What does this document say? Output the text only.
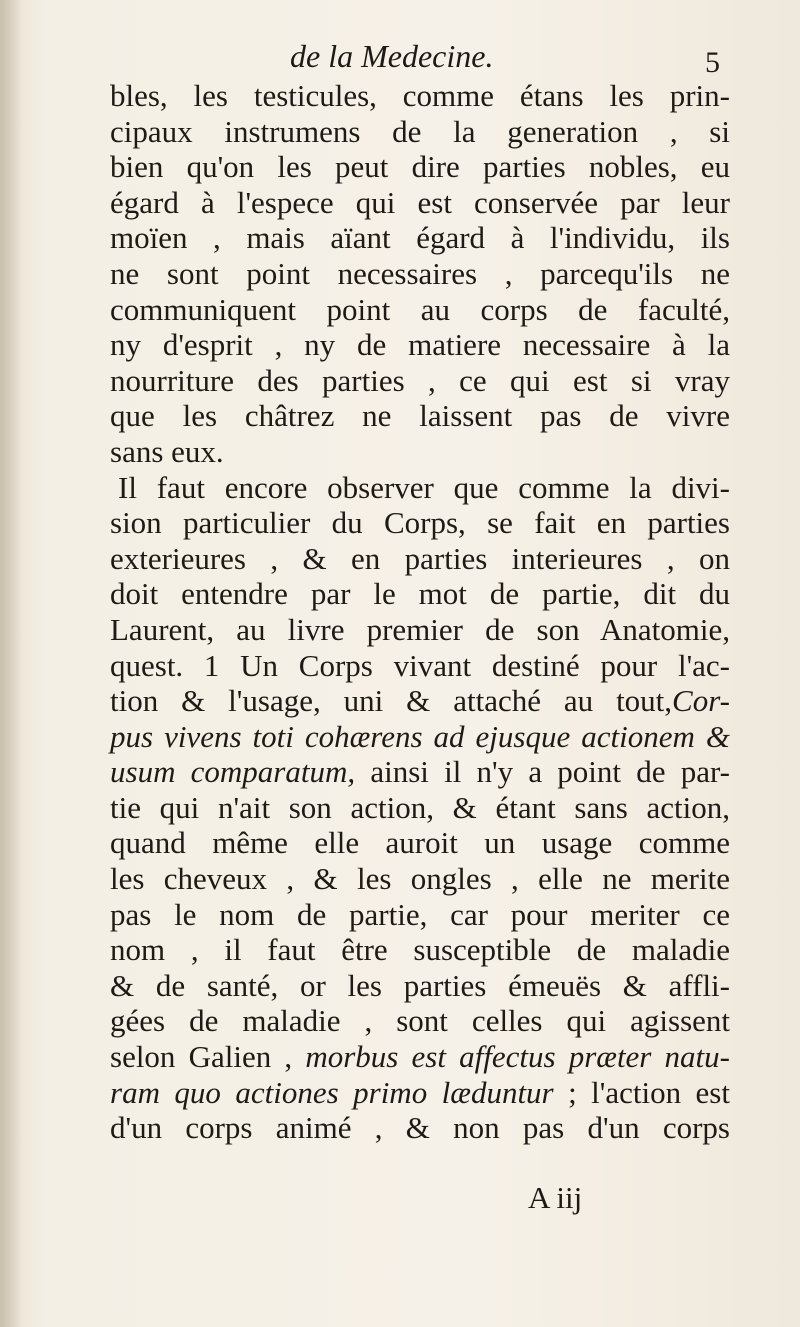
de la Medecine.	5
bles, les testicules, comme étans les prin-
cipaux instrumens de la generation , si
bien qu'on les peut dire parties nobles, eu
égard à l'espece qui est conservée par leur
moïen , mais aïant égard à l'individu, ils
ne sont point necessaires , parcequ'ils ne
communiquent point au corps de faculté,
ny d'esprit , ny de matiere necessaire à la
nourriture des parties , ce qui est si vray
que les châtrez ne laissent pas de vivre
sans eux.
Il faut encore observer que comme la divi-
sion particulier du Corps, se fait en parties
exterieures , & en parties interieures , on
doit entendre par le mot de partie, dit du
Laurent, au livre premier de son Anatomie,
quest. 1 Un Corps vivant destiné pour l'ac-
tion & l'usage, uni & attaché au tout,Cor-
pus vivens toti cohærens ad ejusque actionem &
usum comparatum, ainsi il n'y a point de par-
tie qui n'ait son action, & étant sans action,
quand même elle auroit un usage comme
les cheveux , & les ongles , elle ne merite
pas le nom de partie, car pour meriter ce
nom , il faut être susceptible de maladie
& de santé, or les parties émeuës & affli-
gées de maladie , sont celles qui agissent
selon Galien , morbus est affectus præter natu-
ram quo actiones primo læduntur ; l'action est
d'un corps animé , & non pas d'un corps
A iij
